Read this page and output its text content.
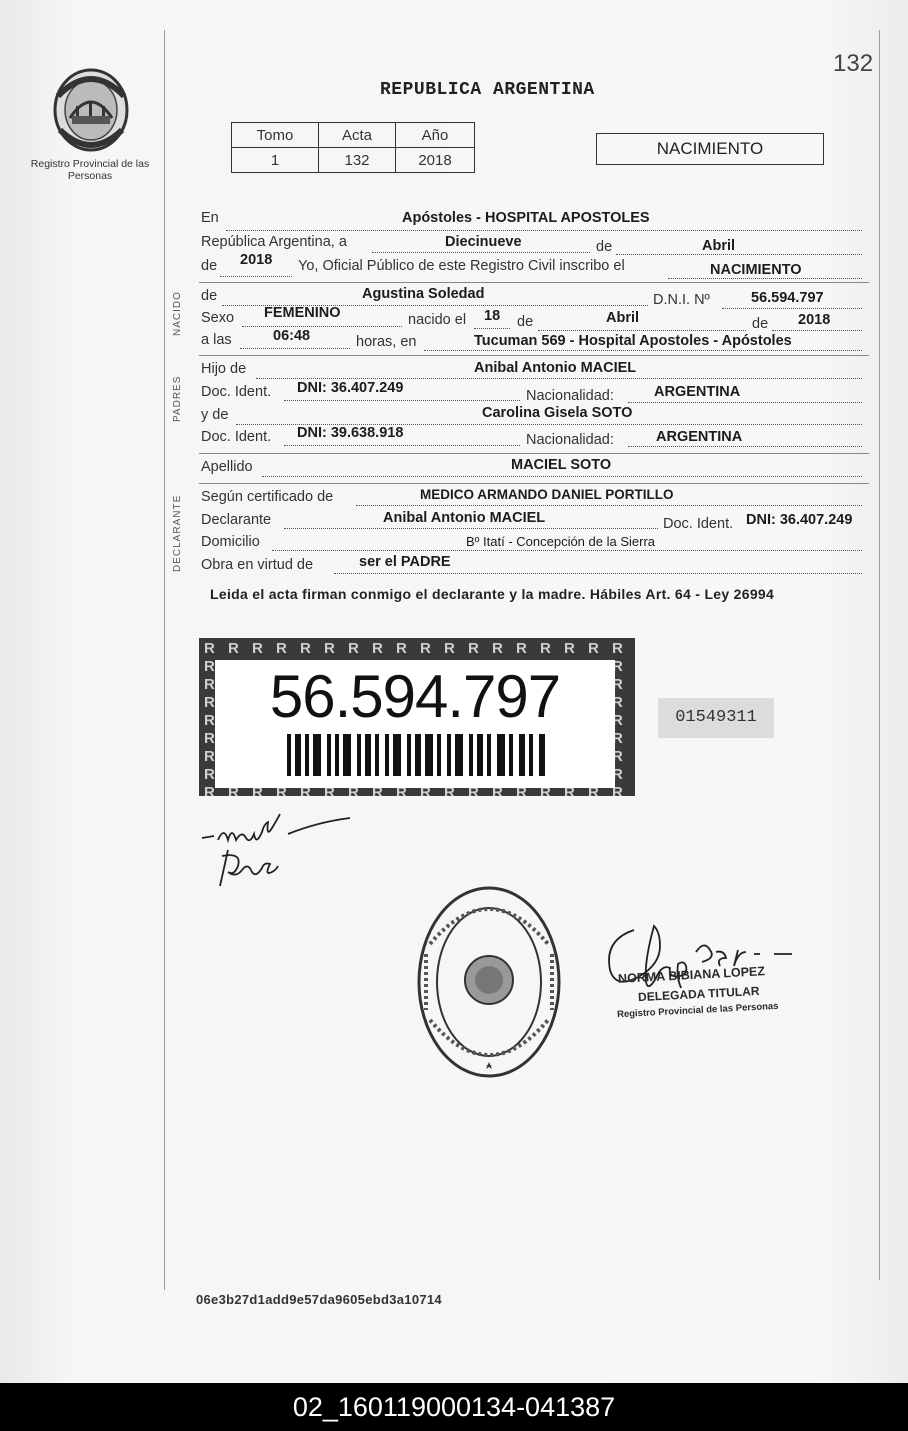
132
Registro Provincial de las Personas
REPUBLICA ARGENTINA
Tomo	Acta	Año
1	132	2018
NACIMIENTO
En	Apóstoles - HOSPITAL APOSTOLES
República Argentina, a	Diecinueve	de	Abril
de 2018 Yo, Oficial Público de este Registro Civil inscribo el	NACIMIENTO
NACIDO de	Agustina Soledad	D.N.I. Nº	56.594.797
Sexo FEMENINO	nacido el 18 de	Abril	de 2018
a las	06:48	horas, en	Tucuman 569 - Hospital Apostoles - Apóstoles
PADRES
Hijo de	Anibal Antonio MACIEL
Doc. Ident. DNI: 36.407.249	Nacionalidad:	ARGENTINA
y de	Carolina Gisela SOTO
Doc. Ident. DNI: 39.638.918	Nacionalidad:	ARGENTINA
Apellido	MACIEL SOTO
DECLARANTE Según certificado de	MEDICO ARMANDO DANIEL PORTILLO
Declarante	Anibal Antonio MACIEL	Doc. Ident. DNI: 36.407.249
Domicilio	Bº Itatí - Concepción de la Sierra
Obra en virtud de	ser el PADRE
Leida el acta firman conmigo el declarante y la madre. Hábiles Art. 64 - Ley 26994
56.594.797	01549311
NORMA BIBIANA LOPEZ
DELEGADA TITULAR
Registro Provincial de las Personas
06e3b27d1add9e57da9605ebd3a10714
02_160119000134-041387
